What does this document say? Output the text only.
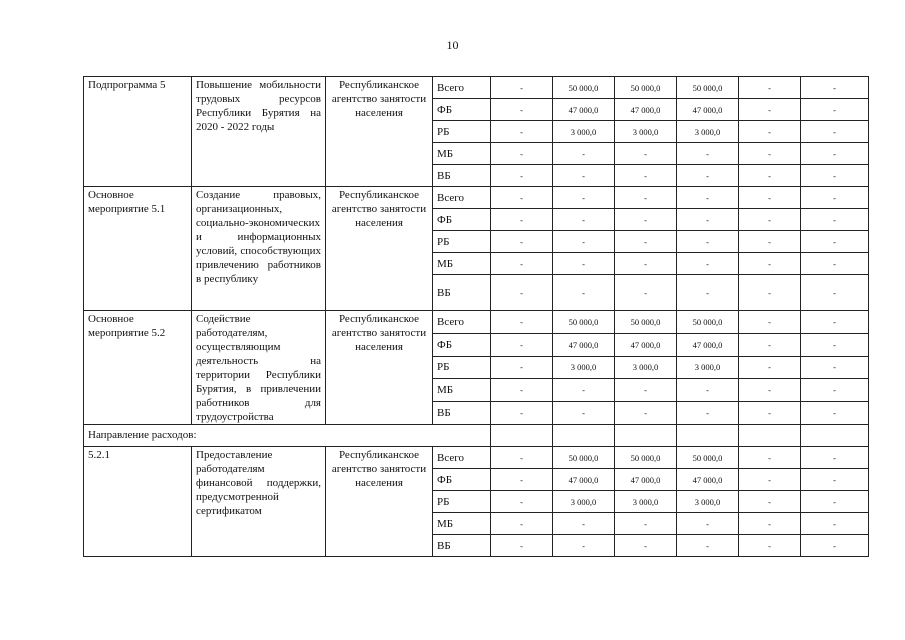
10
Подпрограмма 5	Повышение мобильности трудовых ресурсов Республики Бурятия на 2020 - 2022 годы	Республиканское агентство занятости населения	Всего	-	50 000,0	50 000,0	50 000,0	-	-
			ФБ	-	47 000,0	47 000,0	47 000,0	-	-
			РБ	-	3 000,0	3 000,0	3 000,0	-	-
			МБ	-	-	-	-	-	-
			ВБ	-	-	-	-	-	-
Основное мероприятие 5.1	Создание правовых, организационных, социально-экономических и информационных условий, способствующих привлечению работников в республику	Республиканское агентство занятости населения	Всего	-	-	-	-	-	-
			ФБ	-	-	-	-	-	-
			РБ	-	-	-	-	-	-
			МБ	-	-	-	-	-	-
			ВБ	-	-	-	-	-	-
Основное мероприятие 5.2	Содействие работодателям, осуществляющим деятельность на территории Республики Бурятия, в привлечении работников для трудоустройства	Республиканское агентство занятости населения	Всего	-	50 000,0	50 000,0	50 000,0	-	-
			ФБ	-	47 000,0	47 000,0	47 000,0	-	-
			РБ	-	3 000,0	3 000,0	3 000,0	-	-
			МБ	-	-	-	-	-	-
			ВБ	-	-	-	-	-	-
Направление расходов:									
5.2.1	Предоставление работодателям финансовой поддержки, предусмотренной сертификатом	Республиканское агентство занятости населения	Всего	-	50 000,0	50 000,0	50 000,0	-	-
			ФБ	-	47 000,0	47 000,0	47 000,0	-	-
			РБ	-	3 000,0	3 000,0	3 000,0	-	-
			МБ	-	-	-	-	-	-
			ВБ	-	-	-	-	-	-
